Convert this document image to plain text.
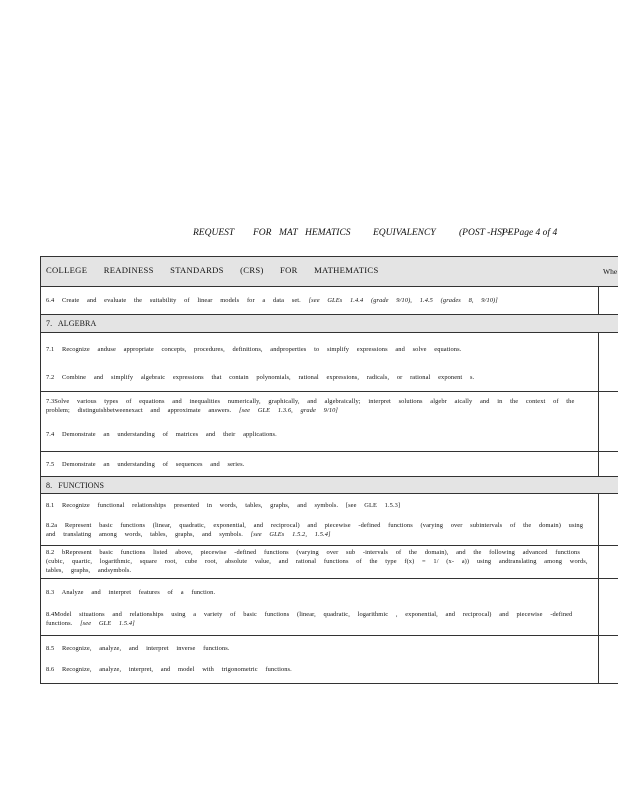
REQUEST FOR MAT HEMATICS EQUIVALENCY (POST -HSPE
) – Page 4 of 4
COLLEGE READINESS STANDARDS (CRS) FOR MATHEMATICS	Whe
6.4 Create and evaluate the suitability of linear models for a data set. [see GLEs 1.4.4 (grade 9/10), 1.4.5 (grades 8, 9/10)]
7. ALGEBRA
7.1 Recognize anduse appropriate concepts, procedures, definitions, andproperties to simplify expressions and solve equations.
7.2 Combine and simplify algebraic expressions that contain polynomials, rational expressions, radicals, or rational exponent s.
7.3Solve various types of equations and inequalities numerically, graphically, and algebraically; interpret solutions algebr aically and in the context of the problem; distinguishbetweenexact and approximate answers. [see GLE 1.3.6, grade 9/10]
7.4 Demonstrate an understanding of matrices and their applications.
7.5 Demonstrate an understanding of sequences and series.
8. FUNCTIONS
8.1 Recognize functional relationships presented in words, tables, graphs, and symbols. [see GLE 1.5.3]
8.2a Represent basic functions (linear, quadratic, exponential, and reciprocal) and piecewise -defined functions (varying over subintervals of the domain) using and translating among words, tables, graphs, and symbols. [see GLEs 1.5.2, 1.5.4]
8.2 bRepresent basic functions listed above, piecewise -defined functions (varying over sub -intervals of the domain), and the following advanced functions (cubic, quartic, logarithmic, square root, cube root, absolute value, and rational functions of the type f(x) = 1/ (x- a)) using andtranslating among words, tables, graphs, andsymbols.
8.3 Analyze and interpret features of a function.
8.4Model situations and relationships using a variety of basic functions (linear, quadratic, logarithmic , exponential, and reciprocal) and piecewise -defined functions. [see GLE 1.5.4]
8.5 Recognize, analyze, and interpret inverse functions.
8.6 Recognize, analyze, interpret, and model with trigonometric functions.
